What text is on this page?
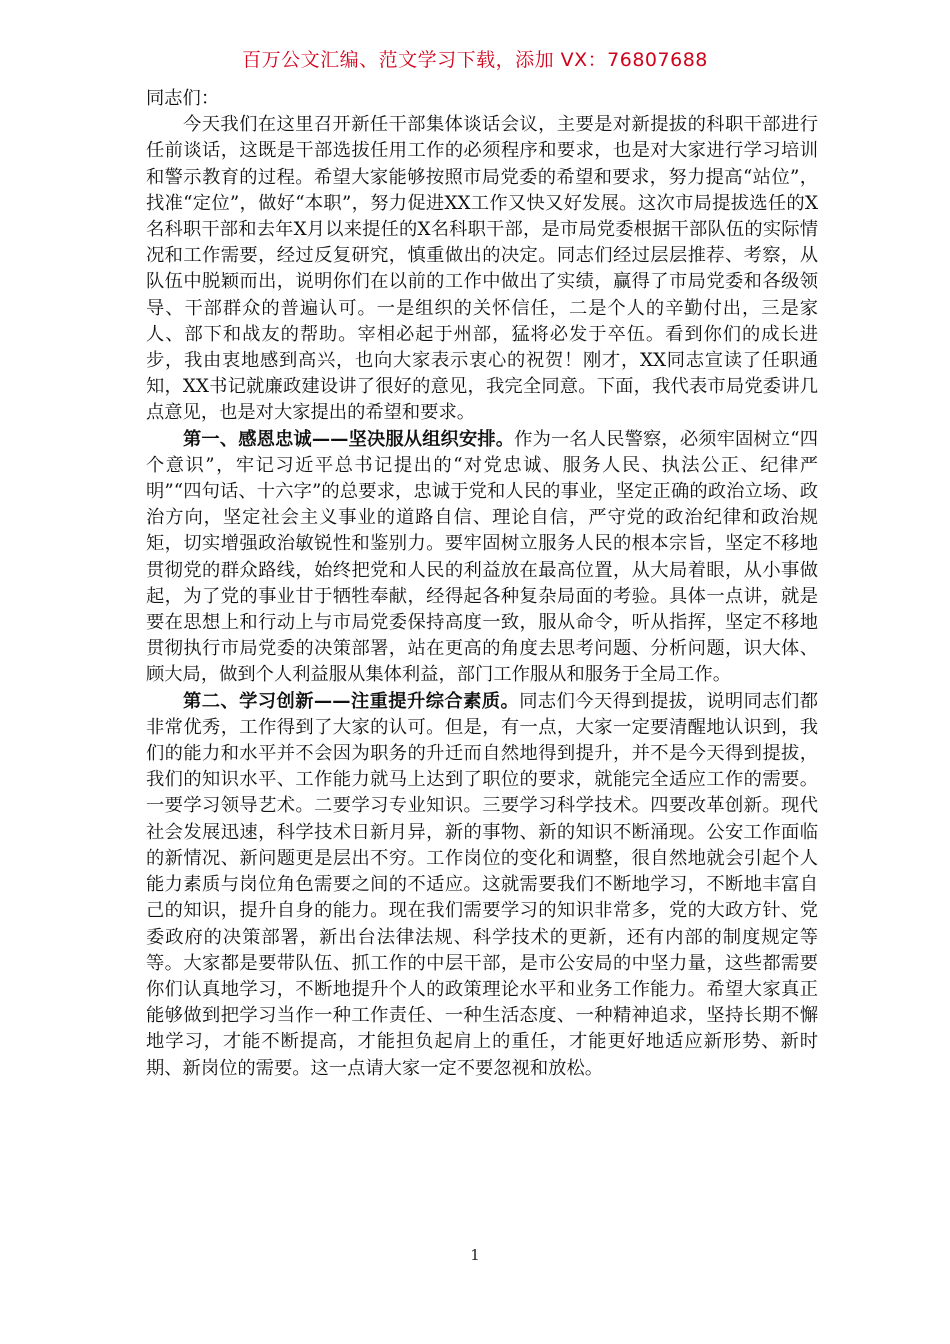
百万公文汇编、范文学习下载，添加 VX：76807688

同志们：

今天我们在这里召开新任干部集体谈话会议，主要是对新提拔的科职干部进行任前谈话，这既是干部选拔任用工作的必须程序和要求，也是对大家进行学习培训和警示教育的过程。希望大家能够按照市局党委的希望和要求，努力提高“站位”，找准“定位”，做好“本职”，努力促进XX工作又快又好发展。这次市局提拔选任的X名科职干部和去年X月以来提任的X名科职干部，是市局党委根据干部队伍的实际情况和工作需要，经过反复研究，慎重做出的决定。同志们经过层层推荐、考察，从队伍中脱颖而出，说明你们在以前的工作中做出了实绩，赢得了市局党委和各级领导、干部群众的普遍认可。一是组织的关怀信任，二是个人的辛勤付出，三是家人、部下和战友的帮助。宰相必起于州部，猛将必发于卒伍。看到你们的成长进步，我由衷地感到高兴，也向大家表示衷心的祝贺！刚才，XX同志宣读了任职通知，XX书记就廉政建设讲了很好的意见，我完全同意。下面，我代表市局党委讲几点意见，也是对大家提出的希望和要求。

第一、感恩忠诚——坚决服从组织安排。作为一名人民警察，必须牢固树立“四个意识”，牢记习近平总书记提出的“对党忠诚、服务人民、执法公正、纪律严明”“四句话、十六字”的总要求，忠诚于党和人民的事业，坚定正确的政治立场、政治方向，坚定社会主义事业的道路自信、理论自信，严守党的政治纪律和政治规矩，切实增强政治敏锐性和鉴别力。要牢固树立服务人民的根本宗旨，坚定不移地贯彻党的群众路线，始终把党和人民的利益放在最高位置，从大局着眼，从小事做起，为了党的事业甘于牺牲奉献，经得起各种复杂局面的考验。具体一点讲，就是要在思想上和行动上与市局党委保持高度一致，服从命令，听从指挥，坚定不移地贯彻执行市局党委的决策部署，站在更高的角度去思考问题、分析问题，识大体、顾大局，做到个人利益服从集体利益，部门工作服从和服务于全局工作。

第二、学习创新——注重提升综合素质。同志们今天得到提拔，说明同志们都非常优秀，工作得到了大家的认可。但是，有一点，大家一定要清醒地认识到，我们的能力和水平并不会因为职务的升迁而自然地得到提升，并不是今天得到提拔，我们的知识水平、工作能力就马上达到了职位的要求，就能完全适应工作的需要。一要学习领导艺术。二要学习专业知识。三要学习科学技术。四要改革创新。现代社会发展迅速，科学技术日新月异，新的事物、新的知识不断涌现。公安工作面临的新情况、新问题更是层出不穷。工作岗位的变化和调整，很自然地就会引起个人能力素质与岗位角色需要之间的不适应。这就需要我们不断地学习，不断地丰富自己的知识，提升自身的能力。现在我们需要学习的知识非常多，党的大政方针、党委政府的决策部署，新出台法律法规、科学技术的更新，还有内部的制度规定等等。大家都是要带队伍、抓工作的中层干部，是市公安局的中坚力量，这些都需要你们认真地学习，不断地提升个人的政策理论水平和业务工作能力。希望大家真正能够做到把学习当作一种工作责任、一种生活态度、一种精神追求，坚持长期不懈地学习，才能不断提高，才能担负起肩上的重任，才能更好地适应新形势、新时期、新岗位的需要。这一点请大家一定不要忽视和放松。

1
